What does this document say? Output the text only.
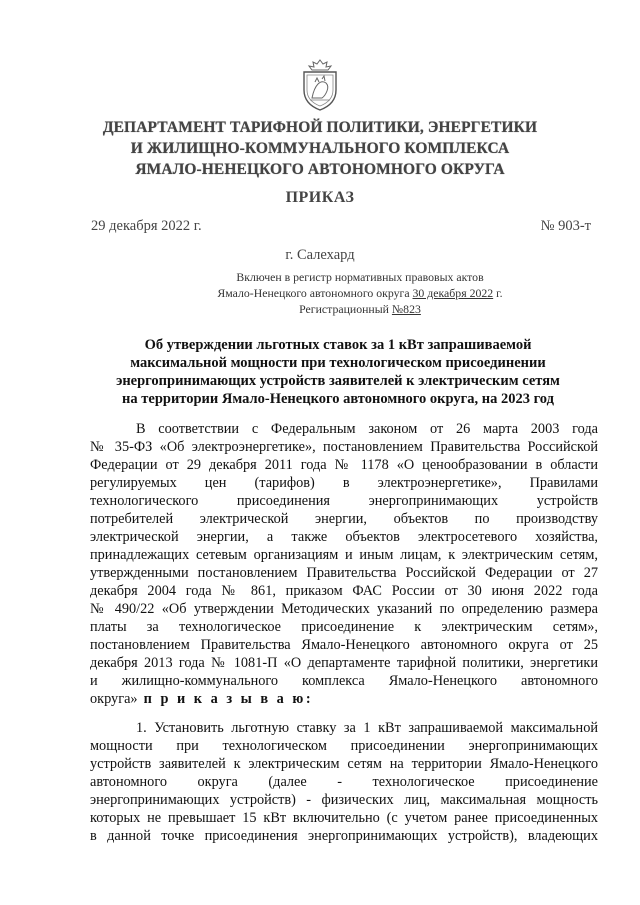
ДЕПАРТАМЕНТ ТАРИФНОЙ ПОЛИТИКИ, ЭНЕРГЕТИКИ
И ЖИЛИЩНО-КОММУНАЛЬНОГО КОМПЛЕКСА
ЯМАЛО-НЕНЕЦКОГО АВТОНОМНОГО ОКРУГА
ПРИКАЗ
29 декабря 2022 г.	№ 903-т
г. Салехард
Включен в регистр нормативных правовых актов
Ямало-Ненецкого автономного округа 30 декабря 2022 г.
Регистрационный №823
Об утверждении льготных ставок за 1 кВт запрашиваемой
максимальной мощности при технологическом присоединении
энергопринимающих устройств заявителей к электрическим сетям
на территории Ямало-Ненецкого автономного округа, на 2023 год
В соответствии с Федеральным законом от 26 марта 2003 года
№ 35-ФЗ «Об электроэнергетике», постановлением Правительства Российской
Федерации от 29 декабря 2011 года № 1178 «О ценообразовании в области
регулируемых цен (тарифов) в электроэнергетике», Правилами
технологического присоединения энергопринимающих устройств
потребителей электрической энергии, объектов по производству
электрической энергии, а также объектов электросетевого хозяйства,
принадлежащих сетевым организациям и иным лицам, к электрическим сетям,
утвержденными постановлением Правительства Российской Федерации от 27
декабря 2004 года № 861, приказом ФАС России от 30 июня 2022 года
№ 490/22 «Об утверждении Методических указаний по определению размера
платы за технологическое присоединение к электрическим сетям»,
постановлением Правительства Ямало-Ненецкого автономного округа от 25
декабря 2013 года № 1081-П «О департаменте тарифной политики, энергетики
и жилищно-коммунального комплекса Ямало-Ненецкого автономного
округа» п р и к а з ы в а ю:
1. Установить льготную ставку за 1 кВт запрашиваемой максимальной
мощности при технологическом присоединении энергопринимающих
устройств заявителей к электрическим сетям на территории Ямало-Ненецкого
автономного округа (далее - технологическое присоединение
энергопринимающих устройств) - физических лиц, максимальная мощность
которых не превышает 15 кВт включительно (с учетом ранее присоединенных
в данной точке присоединения энергопринимающих устройств), владеющих
